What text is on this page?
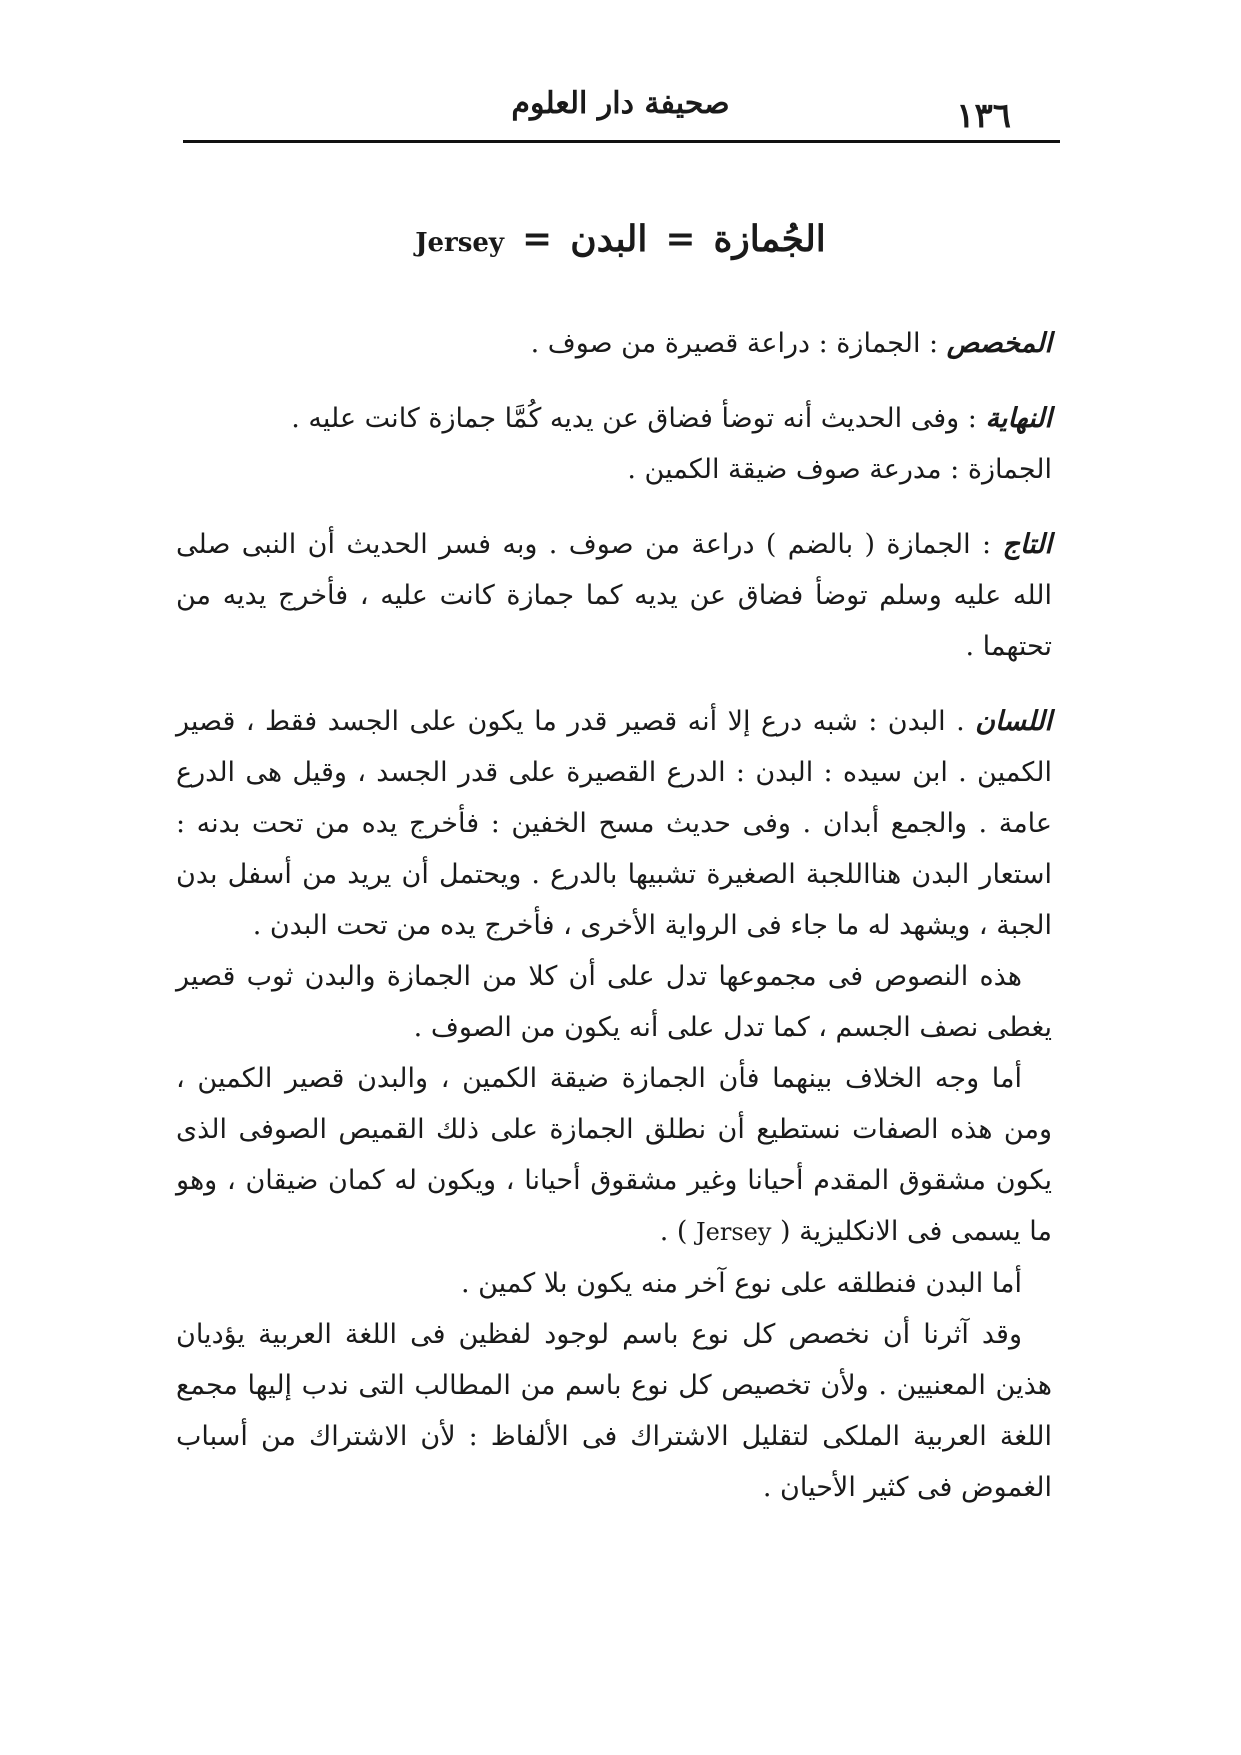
١٣٦
صحيفة دار العلوم
الجُمازة=البدن=Jersey

المخصص : الجمازة : دراعة قصيرة من صوف .

النهاية : وفى الحديث أنه توضأ فضاق عن يديه كُمَّا جمازة كانت عليه .

الجمازة : مدرعة صوف ضيقة الكمين .

التاج : الجمازة ( بالضم ) دراعة من صوف . وبه فسر الحديث أن النبى صلى الله عليه وسلم توضأ فضاق عن يديه كما جمازة كانت عليه ، فأخرج يديه من تحتهما .

اللسان . البدن : شبه درع إلا أنه قصير قدر ما يكون على الجسد فقط ، قصير الكمين . ابن سيده : البدن : الدرع القصيرة على قدر الجسد ، وقيل هى الدرع عامة . والجمع أبدان . وفى حديث مسح الخفين : فأخرج يده من تحت بدنه : استعار البدن هنااللجبة الصغيرة تشبيها بالدرع . ويحتمل أن يريد من أسفل بدن الجبة ، ويشهد له ما جاء فى الرواية الأخرى ، فأخرج يده من تحت البدن .

هذه النصوص فى مجموعها تدل على أن كلا من الجمازة والبدن ثوب قصير يغطى نصف الجسم ، كما تدل على أنه يكون من الصوف .

أما وجه الخلاف بينهما فأن الجمازة ضيقة الكمين ، والبدن قصير الكمين ، ومن هذه الصفات نستطيع أن نطلق الجمازة على ذلك القميص الصوفى الذى يكون مشقوق المقدم أحيانا وغير مشقوق أحيانا ، ويكون له كمان ضيقان ، وهو ما يسمى فى الانكليزية ( Jersey ) .

أما البدن فنطلقه على نوع آخر منه يكون بلا كمين .

وقد آثرنا أن نخصص كل نوع باسم لوجود لفظين فى اللغة العربية يؤديان هذين المعنيين . ولأن تخصيص كل نوع باسم من المطالب التى ندب إليها مجمع اللغة العربية الملكى لتقليل الاشتراك فى الألفاظ : لأن الاشتراك من أسباب الغموض فى كثير الأحيان .
